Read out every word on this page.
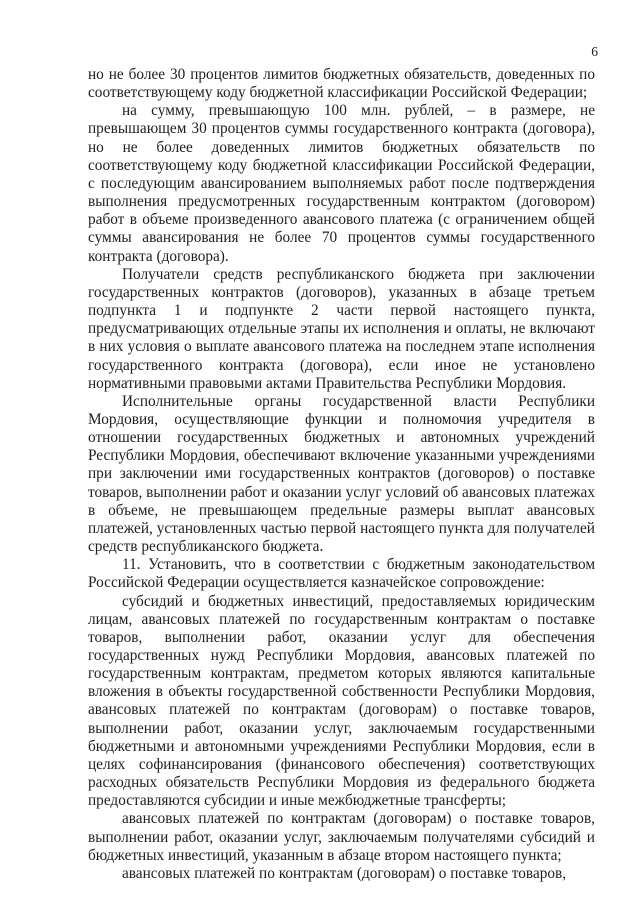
6

но не более 30 процентов лимитов бюджетных обязательств, доведенных по соответствующему коду бюджетной классификации Российской Федерации;

на сумму, превышающую 100 млн. рублей, – в размере, не превышающем 30 процентов суммы государственного контракта (договора), но не более доведенных лимитов бюджетных обязательств по соответствующему коду бюджетной классификации Российской Федерации, с последующим авансированием выполняемых работ после подтверждения выполнения предусмотренных государственным контрактом (договором) работ в объеме произведенного авансового платежа (с ограничением общей суммы авансирования не более 70 процентов суммы государственного контракта (договора).

Получатели средств республиканского бюджета при заключении государственных контрактов (договоров), указанных в абзаце третьем подпункта 1 и подпункте 2 части первой настоящего пункта, предусматривающих отдельные этапы их исполнения и оплаты, не включают в них условия о выплате авансового платежа на последнем этапе исполнения государственного контракта (договора), если иное не установлено нормативными правовыми актами Правительства Республики Мордовия.

Исполнительные органы государственной власти Республики Мордовия, осуществляющие функции и полномочия учредителя в отношении государственных бюджетных и автономных учреждений Республики Мордовия, обеспечивают включение указанными учреждениями при заключении ими государственных контрактов (договоров) о поставке товаров, выполнении работ и оказании услуг условий об авансовых платежах в объеме, не превышающем предельные размеры выплат авансовых платежей, установленных частью первой настоящего пункта для получателей средств республиканского бюджета.

11. Установить, что в соответствии с бюджетным законодательством Российской Федерации осуществляется казначейское сопровождение:

субсидий и бюджетных инвестиций, предоставляемых юридическим лицам, авансовых платежей по государственным контрактам о поставке товаров, выполнении работ, оказании услуг для обеспечения государственных нужд Республики Мордовия, авансовых платежей по государственным контрактам, предметом которых являются капитальные вложения в объекты государственной собственности Республики Мордовия, авансовых платежей по контрактам (договорам) о поставке товаров, выполнении работ, оказании услуг, заключаемым государственными бюджетными и автономными учреждениями Республики Мордовия, если в целях софинансирования (финансового обеспечения) соответствующих расходных обязательств Республики Мордовия из федерального бюджета предоставляются субсидии и иные межбюджетные трансферты;

авансовых платежей по контрактам (договорам) о поставке товаров, выполнении работ, оказании услуг, заключаемым получателями субсидий и бюджетных инвестиций, указанным в абзаце втором настоящего пункта;

авансовых платежей по контрактам (договорам) о поставке товаров,
